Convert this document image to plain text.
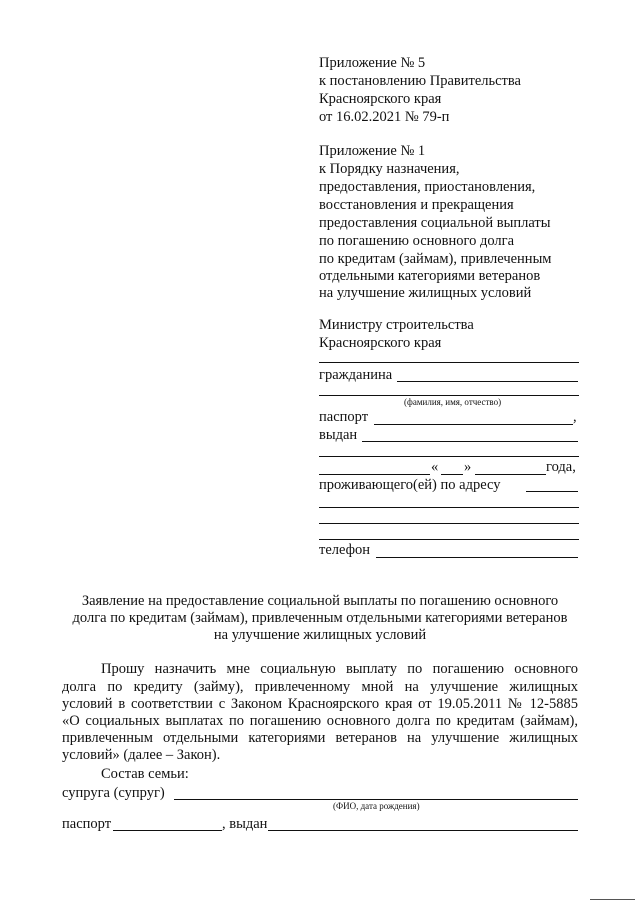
Приложение № 5
к постановлению Правительства
Красноярского края
от 16.02.2021 № 79-п
Приложение № 1
к Порядку назначения,
предоставления, приостановления,
восстановления и прекращения
предоставления социальной выплаты
по погашению основного долга
по кредитам (займам), привлеченным
отдельными категориями ветеранов
на улучшение жилищных условий
Министру строительства
Красноярского края
гражданина
(фамилия, имя, отчество)
паспорт	,
выдан
« »	года,
проживающего(ей) по адресу
телефон
Заявление на предоставление социальной выплаты по погашению основного
долга по кредитам (займам), привлеченным отдельными категориями ветеранов
на улучшение жилищных условий
Прошу назначить мне социальную выплату по погашению основного
долга по кредиту (займу), привлеченному мной на улучшение жилищных
условий в соответствии с Законом Красноярского края от 19.05.2011 № 12-5885
«О социальных выплатах по погашению основного долга по кредитам (займам),
привлеченным отдельными категориями ветеранов на улучшение жилищных
условий» (далее – Закон).
Состав семьи:
супруга (супруг)
(ФИО, дата рождения)
паспорт	, выдан
